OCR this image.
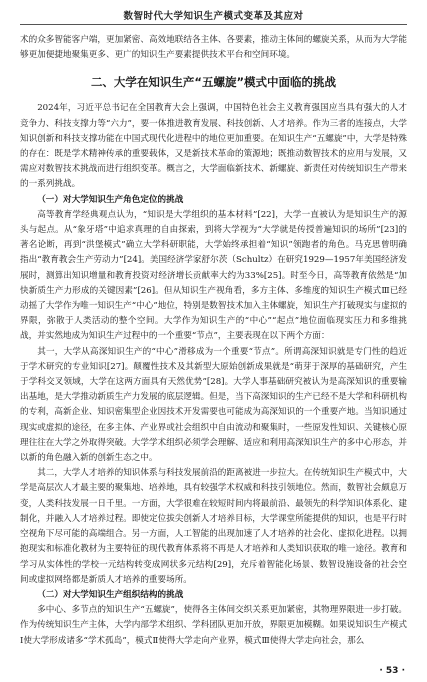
数智时代大学知识生产模式变革及其应对

术的众多智能客户端，更加紧密、高效地联结各主体、各要素，推动主体间的螺旋关系，从而为大学能够更加便捷地聚集更多、更广的知识生产要素提供技术平台和空间环境。

二、大学在知识生产“五螺旋”模式中面临的挑战

2024年，习近平总书记在全国教育大会上强调，中国特色社会主义教育强国应当具有强大的人才竞争力、科技支撑力等“六力”，要一体推进教育发展、科技创新、人才培养。作为三者的连接点，大学知识创新和科技支撑功能在中国式现代化进程中的地位更加重要。在知识生产“五螺旋”中，大学是特殊的存在：既是学术精神传承的重要载体，又是新技术革命的策源地；既推动数智技术的应用与发展，又需应对数智技术挑战而进行组织变革。概言之，大学面临新技术、新螺旋、新责任对传统知识生产带来的一系列挑战。

（一）对大学知识生产角色定位的挑战

高等教育学经典观点认为，“知识是大学组织的基本材料”[22]，大学一直被认为是知识生产的源头与起点。从“象牙塔”中追求真理的自由探索，到将大学视为“大学就是传授普遍知识的场所”[23]的著名论断，再到“洪堡模式”确立大学科研职能，大学始终承担着“知识”领跑者的角色。马克思曾明确指出“教育教会生产劳动力”[24]。美国经济学家舒尔茨（Schultz）在研究1929—1957年美国经济发展时，测算出知识增量和教育投资对经济增长贡献率大约为33%[25]。时至今日，高等教育依然是“加快新质生产力形成的关键因素”[26]。但从知识生产视角看，多方主体、多维度的知识生产模式Ⅲ已经动摇了大学作为唯一知识生产“中心”地位，特别是数智技术加入主体螺旋，知识生产打破现实与虚拟的界限，弥散于人类活动的整个空间。大学作为知识生产的“中心”“起点”地位面临现实压力和多维挑战，并实然地成为知识生产过程中的一个重要“节点”，主要表现在以下两个方面：

其一，大学从高深知识生产的“中心”滑移成为一个重要“节点”。所谓高深知识就是专门性的趋近于学术研究的专业知识[27]。颠覆性技术及其新型大原始创新成果就是“萌芽于深厚的基础研究，产生于学科交叉领域，大学在这两方面具有天然优势”[28]。大学人事基础研究被认为是高深知识的重要输出基地，是大学推动新质生产力发展的底层逻辑。但是，当下高深知识的生产已经不是大学和科研机构的专利，高新企业、知识密集型企业因技术开发需要也可能成为高深知识的一个重要产地。当知识通过现实或虚拟的途径，在多主体、产业界或社会组织中自由流动和聚集时，一些原发性知识、关键核心原理往往在大学之外取得突破。大学学术组织必须学会理解、适应和利用高深知识生产的多中心形态，并以新的角色融入新的创新生态之中。

其二，大学人才培养的知识体系与科技发展前沿的距离被进一步拉大。在传统知识生产模式中，大学是高层次人才最主要的聚集地、培养地，具有较强学术权威和科技引领地位。然而，数智社会颇息万变，人类科技发展一日千里。一方面，大学很难在较短时间内将最前沿、最领先的科学知识体系化、建制化，并融入人才培养过程。即使定位拔尖创新人才培养目标，大学课堂所能提供的知识，也是平行时空视角下尽可能的高端组合。另一方面，人工智能的出现加速了人才培养的社会化、虚拟化进程。以拥抱现实和标准化教材为主要特征的现代教育体系将不再是人才培养和人类知识获取的唯一途径。教育和学习从实体性的学校一元结构转变成网状多元结构[29]，充斥着智能化场景、数智设施设备的社会空间或虚拟网络都是新质人才培养的重要场所。

（二）对大学知识生产组织结构的挑战

多中心、多节点的知识生产“五螺旋”，使得各主体间交织关系更加紧密，其物理界限进一步打破。作为传统知识生产主体，大学内部学术组织、学科团队更加开放，界限更加模糊。如果说知识生产模式Ⅰ使大学形成诸多“学术孤岛”，模式Ⅱ使得大学走向产业界，模式Ⅲ使得大学走向社会，那么

· 53 ·
